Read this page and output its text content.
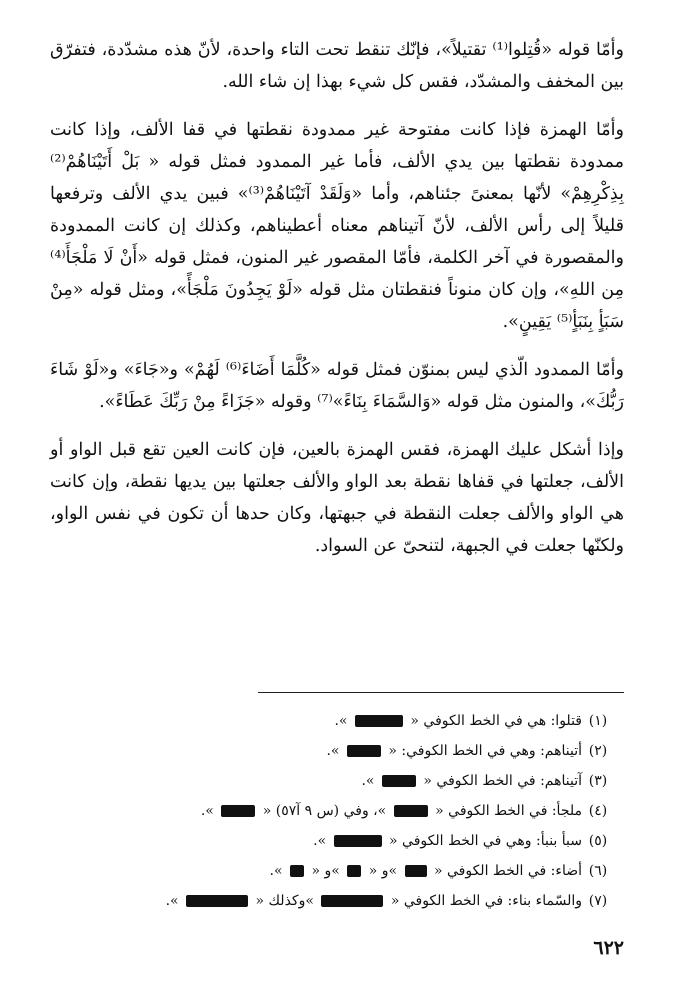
وأمّا قوله «قُتِلوا⁽¹⁾ تقتيلاً»، فإنّك تنقط تحت التاء واحدة، لأنّ هذه مشدّدة، فتفرّق بين المخفف والمشدّد، فقس كل شيء بهذا إن شاء الله.

وأمّا الهمزة فإذا كانت مفتوحة غير ممدودة نقطتها في قفا الألف، وإذا كانت ممدودة نقطتها بين يدي الألف، فأما غير الممدود فمثل قوله « بَلْ أَتَيْنَاهُمْ⁽²⁾ بِذِكْرِهِمْ» لأنّها بمعنىً جئناهم، وأما «وَلَقَدْ آتَيْنَاهُمْ⁽³⁾» فبين يدي الألف وترفعها قليلاً إلى رأس الألف، لأنّ آتيناهم معناه أعطيناهم، وكذلك إن كانت الممدودة والمقصورة في آخر الكلمة، فأمّا المقصور غير المنون، فمثل قوله «أَنْ لَا مَلْجَأَ⁽⁴⁾ مِن اللهِ»، وإن كان منوناً فنقطتان مثل قوله «لَوْ يَجِدُونَ مَلْجَأً»، ومثل قوله «مِنْ سَبَأٍ بِنَبَأٍ⁽⁵⁾ يَقِينٍ».

وأمّا الممدود الّذي ليس بمنوّن فمثل قوله «كُلَّمَا أَضَاءَ⁽⁶⁾ لَهُمْ» و«جَاءَ» و«لَوْ شَاءَ رَبُّكَ»، والمنون مثل قوله «وَالسَّمَاءَ بِنَاءً»⁽⁷⁾ وقوله «جَزَاءً مِنْ رَبِّكَ عَطَاءً».

وإذا أشكل عليك الهمزة، فقس الهمزة بالعين، فإن كانت العين تقع قبل الواو أو الألف، جعلتها في قفاها نقطة بعد الواو والألف جعلتها بين يديها نقطة، وإن كانت هي الواو والألف جعلت النقطة في جبهتها، وكان حدها أن تكون في نفس الواو، ولكنّها جعلت في الجبهة، لتنحىّ عن السواد.

(١)
قتلوا: هي في الخط الكوفي «  ».
(٢)
أتيناهم: وهي في الخط الكوفي: «  ».
(٣)
آتيناهم: في الخط الكوفي «  ».
(٤)
ملجأ: في الخط الكوفي «  »، وفي (س ٩ آ٥٧) «  ».
(٥)
سبأ بنبأ: وهي في الخط الكوفي «  ».
(٦)
أضاء: في الخط الكوفي «  »و «  »و «  ».
(٧)
والسّماء بناء: في الخط الكوفي «  »وكذلك «  ».
٦٢٢
